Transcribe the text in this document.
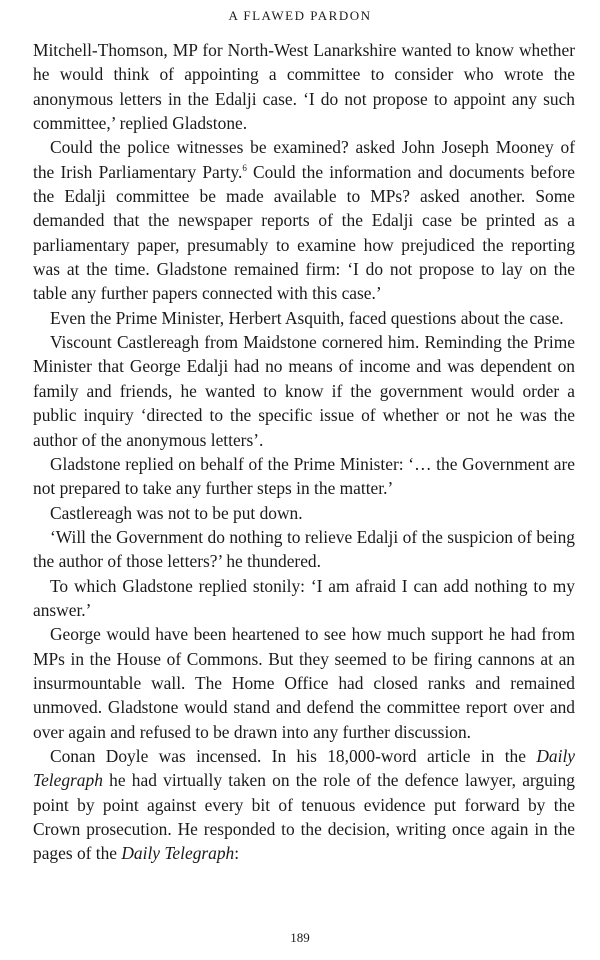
A FLAWED PARDON

Mitchell-Thomson, MP for North-West Lanarkshire wanted to know whether he would think of appointing a committee to consider who wrote the anonymous letters in the Edalji case. ‘I do not propose to appoint any such committee,’ replied Gladstone.

Could the police witnesses be examined? asked John Joseph Mooney of the Irish Parliamentary Party.$^6$ Could the information and documents before the Edalji committee be made available to MPs? asked another. Some demanded that the newspaper reports of the Edalji case be printed as a parliamentary paper, presumably to examine how prejudiced the reporting was at the time. Gladstone remained firm: ‘I do not propose to lay on the table any further papers connected with this case.’

Even the Prime Minister, Herbert Asquith, faced questions about the case.

Viscount Castlereagh from Maidstone cornered him. Reminding the Prime Minister that George Edalji had no means of income and was dependent on family and friends, he wanted to know if the government would order a public inquiry ‘directed to the specific issue of whether or not he was the author of the anonymous letters’.

Gladstone replied on behalf of the Prime Minister: ‘… the Government are not prepared to take any further steps in the matter.’

Castlereagh was not to be put down.

‘Will the Government do nothing to relieve Edalji of the suspicion of being the author of those letters?’ he thundered.

To which Gladstone replied stonily: ‘I am afraid I can add nothing to my answer.’

George would have been heartened to see how much support he had from MPs in the House of Commons. But they seemed to be firing cannons at an insurmountable wall. The Home Office had closed ranks and remained unmoved. Gladstone would stand and defend the committee report over and over again and refused to be drawn into any further discussion.

Conan Doyle was incensed. In his 18,000-word article in the Daily Telegraph he had virtually taken on the role of the defence lawyer, arguing point by point against every bit of tenuous evidence put forward by the Crown prosecution. He responded to the decision, writing once again in the pages of the Daily Telegraph:

189
